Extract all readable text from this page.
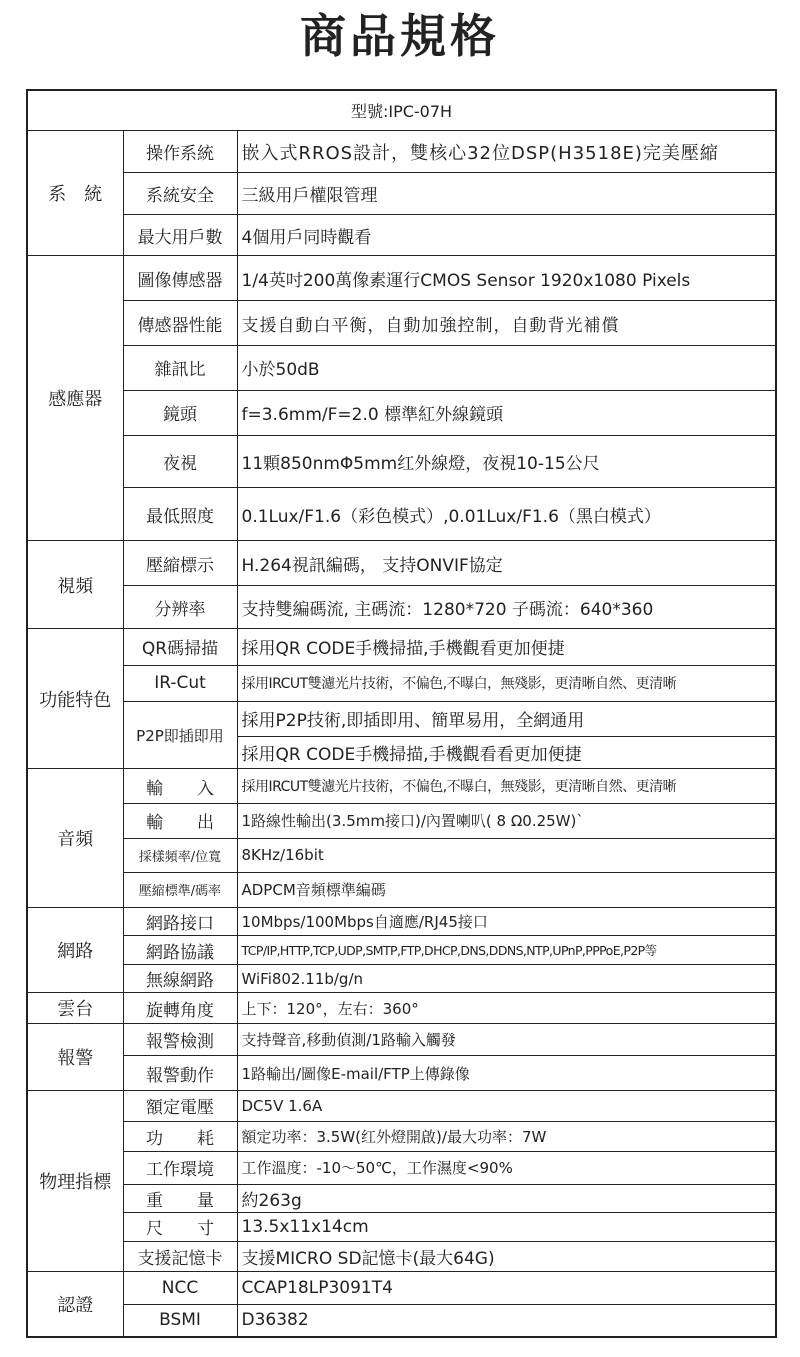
商品規格
型號:IPC-07H		
系　統	操作系統	嵌入式RROS設計，雙核心32位DSP(H3518E)完美壓縮
	系統安全	三級用戶權限管理
	最大用戶數	4個用戶同時觀看
感應器	圖像傳感器	1/4英吋200萬像素運行CMOS Sensor 1920x1080 Pixels
	傳感器性能	支援自動白平衡，自動加強控制，自動背光補償
	雜訊比	小於50dB
	鏡頭	f=3.6mm/F=2.0 標準紅外線鏡頭
	夜視	11顆850nmΦ5mm红外線燈，夜視10-15公尺
	最低照度	0.1Lux/F1.6（彩色模式）,0.01Lux/F1.6（黑白模式）
視頻	壓縮標示	H.264視訊編碼， 支持ONVIF協定
	分辨率	支持雙編碼流, 主碼流：1280*720 子碼流：640*360
功能特色	QR碼掃描	採用QR CODE手機掃描,手機觀看更加便捷
	IR-Cut	採用IRCUT雙濾光片技術，不偏色,不曝白，無殘影，更清晰自然、更清晰
	P2P即插即用	採用P2P技術,即插即用、簡單易用，全網通用
		採用QR CODE手機掃描,手機觀看看更加便捷
音頻	輸　　入	採用IRCUT雙濾光片技術，不偏色,不曝白，無殘影，更清晰自然、更清晰
	輸　　出	1路線性輸出(3.5mm接口)/內置喇叭( 8 Ω0.25W)`
	採樣頻率/位寬	8KHz/16bit
	壓縮標準/碼率	ADPCM音頻標準編碼
網路	網路接口	10Mbps/100Mbps自適應/RJ45接口
	網路協議	TCP/IP,HTTP,TCP,UDP,SMTP,FTP,DHCP,DNS,DDNS,NTP,UPnP,PPPoE,P2P等
	無線網路	WiFi802.11b/g/n
雲台	旋轉角度	上下：120°，左右：360°
報警	報警檢測	支持聲音,移動偵測/1路輸入觸發
	報警動作	1路輸出/圖像E-mail/FTP上傳錄像
物理指標	額定電壓	DC5V 1.6A
	功　　耗	額定功率：3.5W(红外燈開啟)/最大功率：7W
	工作環境	工作溫度：-10～50℃，工作濕度<90%
	重　　量	約263g
	尺　　寸	13.5x11x14cm
	支援記憶卡	支援MICRO SD記憶卡(最大64G)
認證	NCC	CCAP18LP3091T4
	BSMI	D36382
